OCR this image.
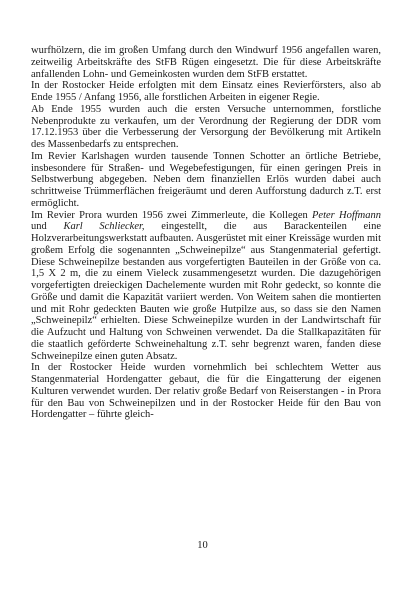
wurfhölzern, die im großen Umfang durch den Windwurf 1956 angefallen waren, zeitweilig Arbeitskräfte des StFB Rügen eingesetzt. Die für diese Arbeitskräfte anfallenden Lohn- und Gemeinkosten wurden dem StFB erstattet.

In der Rostocker Heide erfolgten mit dem Einsatz eines Revierförsters, also ab Ende 1955 / Anfang 1956, alle forstlichen Arbeiten in eigener Regie.

Ab Ende 1955 wurden auch die ersten Versuche unternommen, forstliche Nebenprodukte zu verkaufen, um der Verordnung der Regierung der DDR vom 17.12.1953 über die Verbesserung der Versorgung der Bevölkerung mit Artikeln des Massenbedarfs zu entsprechen.

Im Revier Karlshagen wurden tausende Tonnen Schotter an örtliche Betriebe, insbesondere für Straßen- und Wegebefestigungen, für einen geringen Preis in Selbstwerbung abgegeben. Neben dem finanziellen Erlös wurden dabei auch schrittweise Trümmerflächen freigeräumt und deren Aufforstung dadurch z.T. erst ermöglicht.

Im Revier Prora wurden 1956 zwei Zimmerleute, die Kollegen Peter Hoffmann und Karl Schliecker, eingestellt, die aus Barackenteilen eine Holzverarbeitungswerkstatt aufbauten. Ausgerüstet mit einer Kreissäge wurden mit großem Erfolg die sogenannten „Schweinepilze“ aus Stangenmaterial gefertigt. Diese Schweinepilze bestanden aus vorgefertigten Bauteilen in der Größe von ca. 1,5 X 2 m, die zu einem Vieleck zusammengesetzt wurden. Die dazugehörigen vorgefertigten dreieckigen Dachelemente wurden mit Rohr gedeckt, so konnte die Größe und damit die Kapazität variiert werden. Von Weitem sahen die montierten und mit Rohr gedeckten Bauten wie große Hutpilze aus, so dass sie den Namen „Schweinepilz“ erhielten. Diese Schweinepilze wurden in der Landwirtschaft für die Aufzucht und Haltung von Schweinen verwendet. Da die Stallkapazitäten für die staatlich geförderte Schweinehaltung z.T. sehr begrenzt waren, fanden diese Schweinepilze einen guten Absatz.

In der Rostocker Heide wurden vornehmlich bei schlechtem Wetter aus Stangenmaterial Hordengatter gebaut, die für die Eingatterung der eigenen Kulturen verwendet wurden. Der relativ große Bedarf von Reiserstangen - in Prora für den Bau von Schweinepilzen und in der Rostocker Heide für den Bau von Hordengatter – führte gleich-

10
